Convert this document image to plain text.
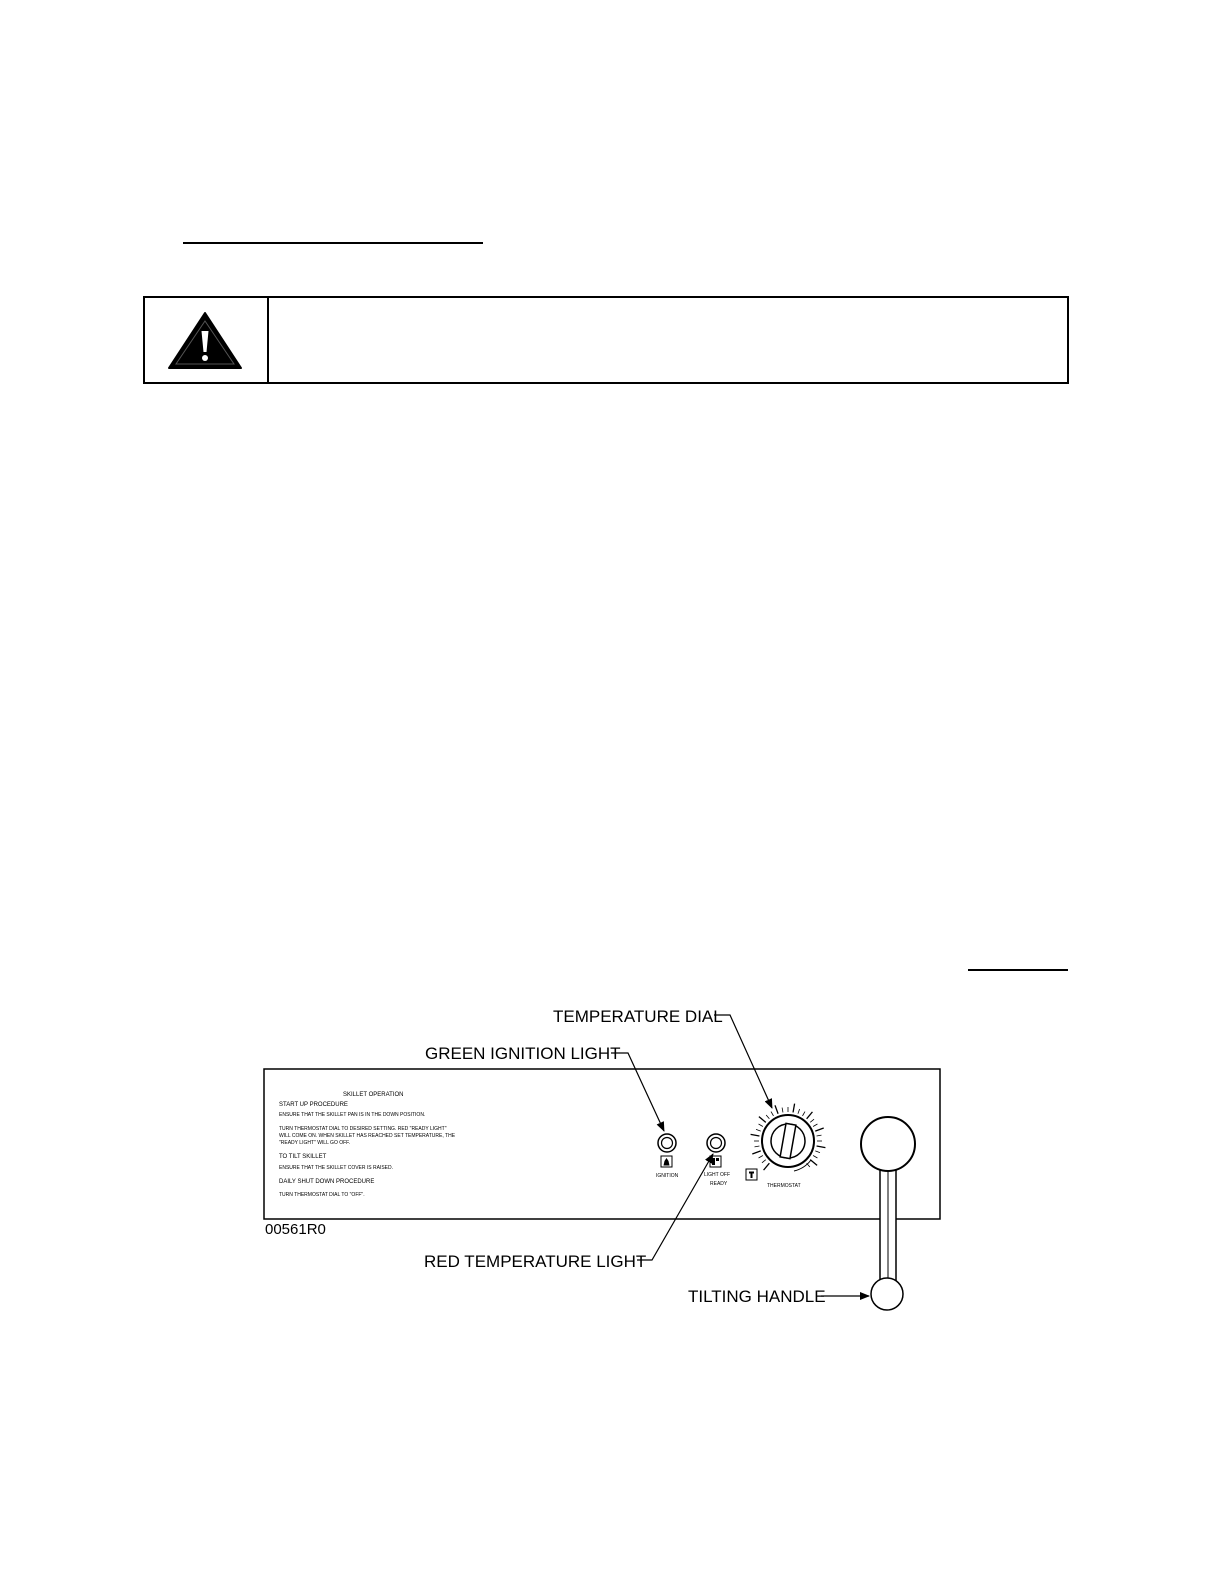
SKILLET OPERATION
START UP PROCEDURE
ENSURE THAT THE SKILLET PAN IS IN THE DOWN POSITION.
TURN THERMOSTAT DIAL TO DESIRED SETTING. RED "READY LIGHT"
WILL COME ON. WHEN SKILLET HAS REACHED SET TEMPERATURE, THE
"READY LIGHT" WILL GO OFF.
TO TILT SKILLET
ENSURE THAT THE SKILLET COVER IS RAISED.
DAILY SHUT DOWN PROCEDURE
TURN THERMOSTAT DIAL TO "OFF".
IGNITION	LIGHT OFF
READY	THERMOSTAT
TEMPERATURE DIAL
GREEN IGNITION LIGHT
RED TEMPERATURE LIGHT
TILTING HANDLE
00561R0
